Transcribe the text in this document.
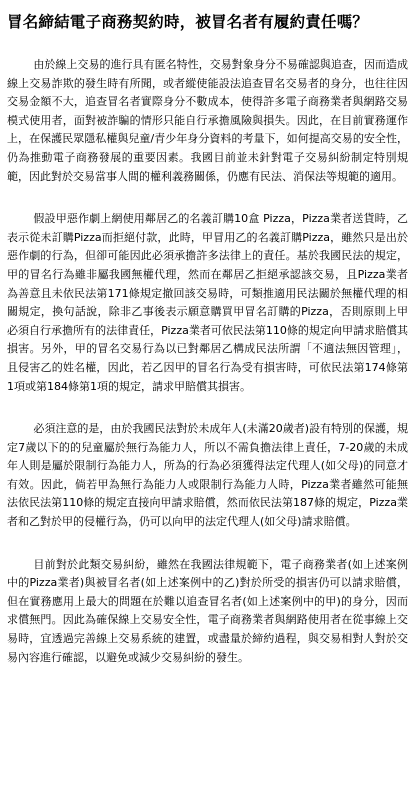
冒名締結電子商務契約時，被冒名者有履約責任嗎？

由於線上交易的進行具有匿名特性，交易對象身分不易確認與追查，因而造成線上交易詐欺的發生時有所聞，或者縱使能設法追查冒名交易者的身分，也往往因交易金額不大，追查冒名者實際身分不數成本，使得許多電子商務業者與網路交易模式使用者，面對被詐騙的情形只能自行承擔風險與損失。因此，在目前實務運作上，在保護民眾隱私權與兒童/青少年身分資料的考量下，如何提高交易的安全性，仍為推動電子商務發展的重要因素。我國目前並未針對電子交易糾紛制定特別規範，因此對於交易當事人間的權利義務關係，仍應有民法、消保法等規範的適用。

假設甲惡作劇上網使用鄰居乙的名義訂購10盒 Pizza，Pizza業者送貨時，乙表示從未訂購Pizza而拒絕付款，此時，甲冒用乙的名義訂購Pizza，雖然只是出於惡作劇的行為，但卻可能因此必須承擔許多法律上的責任。基於我國民法的規定，甲的冒名行為雖非屬我國無權代理，然而在鄰居乙拒絕承認該交易，且Pizza業者為善意且未依民法第171條規定撤回該交易時，可類推適用民法關於無權代理的相關規定，換句話說，除非乙事後表示願意購買甲冒名訂購的Pizza，否則原則上甲必須自行承擔所有的法律責任，Pizza業者可依民法第110條的規定向甲請求賠償其損害。另外，甲的冒名交易行為以已對鄰居乙構成民法所謂「不適法無因管理」，且侵害乙的姓名權，因此，若乙因甲的冒名行為受有損害時，可依民法第174條第1項或第184條第1項的規定，請求甲賠償其損害。

必須注意的是，由於我國民法對於未成年人(未滿20歲者)設有特別的保護，規定7歲以下的的兒童屬於無行為能力人，所以不需負擔法律上責任，7-20歲的未成年人則是屬於限制行為能力人，所為的行為必須獲得法定代理人(如父母)的同意才有效。因此，倘若甲為無行為能力人或限制行為能力人時，Pizza業者雖然可能無法依民法第110條的規定直接向甲請求賠償，然而依民法第187條的規定，Pizza業者和乙對於甲的侵權行為，仍可以向甲的法定代理人(如父母)請求賠償。

目前對於此類交易糾紛，雖然在我國法律規範下，電子商務業者(如上述案例中的Pizza業者)與被冒名者(如上述案例中的乙)對於所受的損害仍可以請求賠償，但在實務應用上最大的問題在於難以追查冒名者(如上述案例中的甲)的身分，因而求償無門。因此為確保線上交易安全性，電子商務業者與網路使用者在從事線上交易時，宜透過完善線上交易系統的建置，或盡量於締約過程，與交易相對人對於交易內容進行確認，以避免或減少交易糾紛的發生。
